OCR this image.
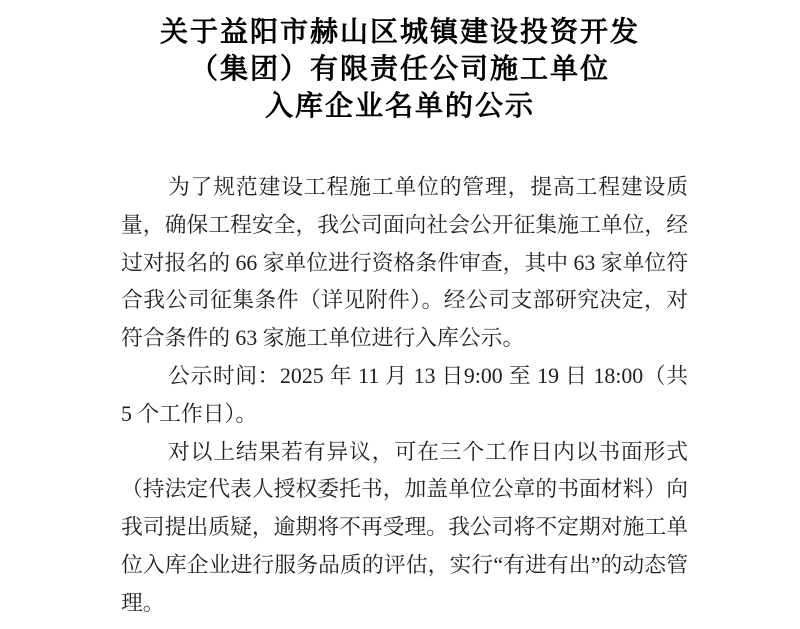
关于益阳市赫山区城镇建设投资开发
（集团）有限责任公司施工单位
入库企业名单的公示

为了规范建设工程施工单位的管理，提高工程建设质量，确保工程安全，我公司面向社会公开征集施工单位，经过对报名的 66 家单位进行资格条件审查，其中 63 家单位符合我公司征集条件（详见附件）。经公司支部研究决定，对符合条件的 63 家施工单位进行入库公示。

公示时间：2025 年 11 月 13 日9:00 至 19 日 18:00（共 5 个工作日）。

对以上结果若有异议，可在三个工作日内以书面形式（持法定代表人授权委托书，加盖单位公章的书面材料）向我司提出质疑，逾期将不再受理。我公司将不定期对施工单位入库企业进行服务品质的评估，实行“有进有出”的动态管理。
